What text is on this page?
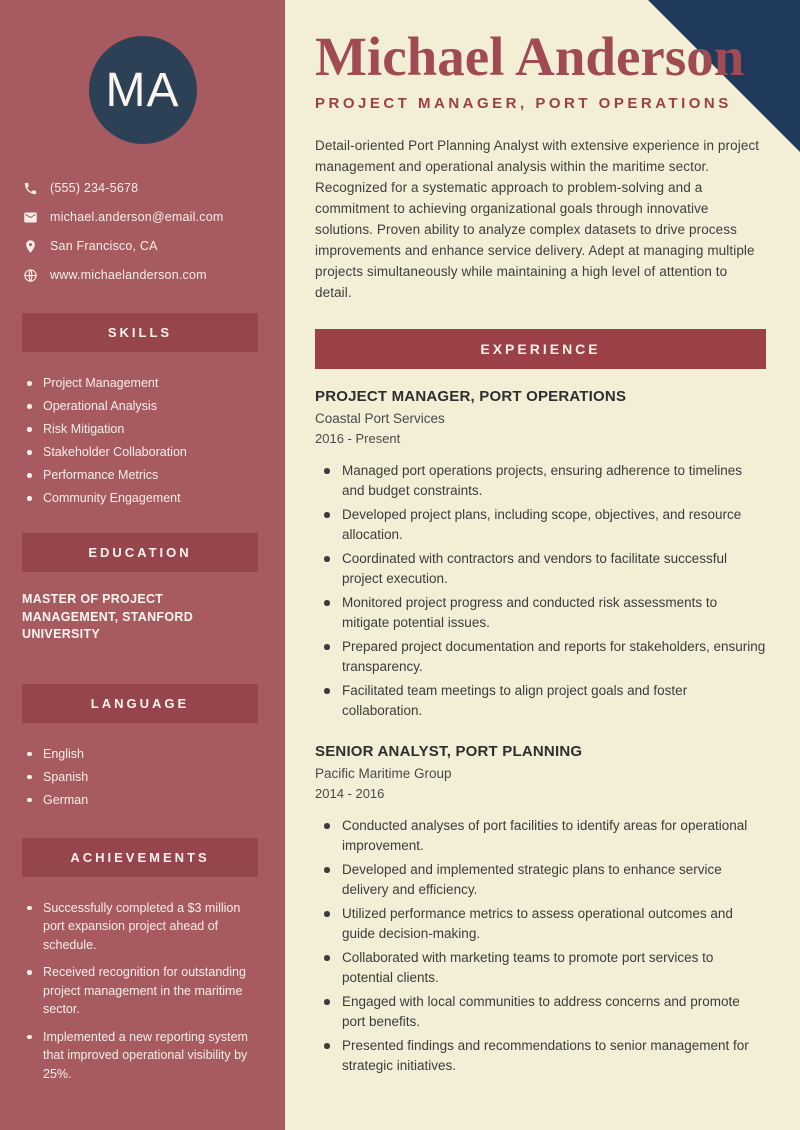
MA
(555) 234-5678
michael.anderson@email.com
San Francisco, CA
www.michaelanderson.com
SKILLS
Project Management
Operational Analysis
Risk Mitigation
Stakeholder Collaboration
Performance Metrics
Community Engagement
EDUCATION
MASTER OF PROJECT MANAGEMENT, STANFORD UNIVERSITY
LANGUAGE
English
Spanish
German
ACHIEVEMENTS
Successfully completed a $3 million port expansion project ahead of schedule.
Received recognition for outstanding project management in the maritime sector.
Implemented a new reporting system that improved operational visibility by 25%.
Michael Anderson
PROJECT MANAGER, PORT OPERATIONS

Detail-oriented Port Planning Analyst with extensive experience in project management and operational analysis within the maritime sector. Recognized for a systematic approach to problem-solving and a commitment to achieving organizational goals through innovative solutions. Proven ability to analyze complex datasets to drive process improvements and enhance service delivery. Adept at managing multiple projects simultaneously while maintaining a high level of attention to detail.

EXPERIENCE
PROJECT MANAGER, PORT OPERATIONS
Coastal Port Services
2016 - Present
Managed port operations projects, ensuring adherence to timelines and budget constraints.
Developed project plans, including scope, objectives, and resource allocation.
Coordinated with contractors and vendors to facilitate successful project execution.
Monitored project progress and conducted risk assessments to mitigate potential issues.
Prepared project documentation and reports for stakeholders, ensuring transparency.
Facilitated team meetings to align project goals and foster collaboration.
SENIOR ANALYST, PORT PLANNING
Pacific Maritime Group
2014 - 2016
Conducted analyses of port facilities to identify areas for operational improvement.
Developed and implemented strategic plans to enhance service delivery and efficiency.
Utilized performance metrics to assess operational outcomes and guide decision-making.
Collaborated with marketing teams to promote port services to potential clients.
Engaged with local communities to address concerns and promote port benefits.
Presented findings and recommendations to senior management for strategic initiatives.
